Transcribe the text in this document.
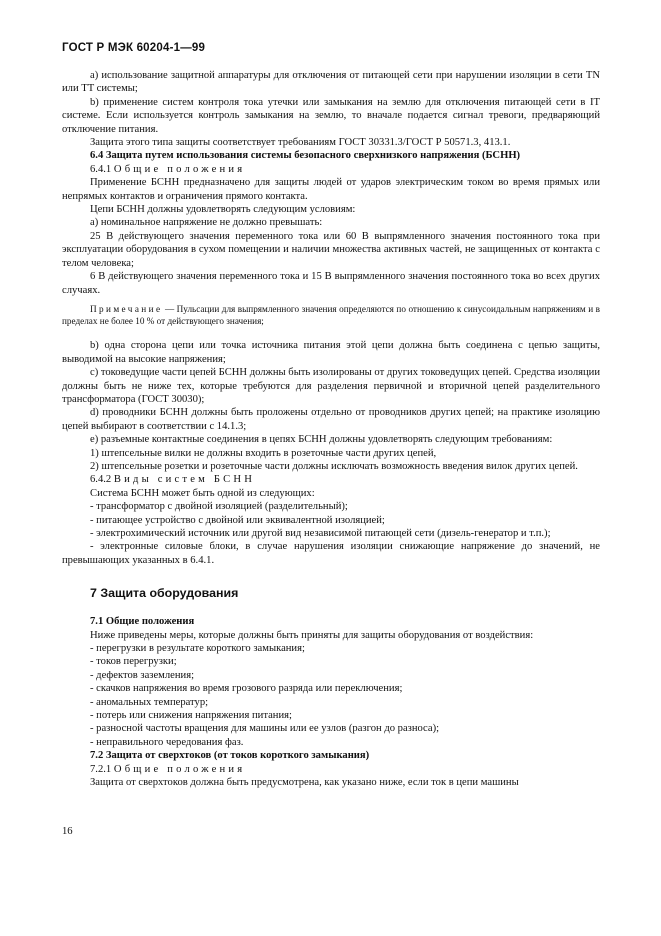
ГОСТ Р МЭК 60204-1—99

а) использование защитной аппаратуры для отключения от питающей сети при нарушении изоляции в сети TN или TT системы;

b) применение систем контроля тока утечки или замыкания на землю для отключения питающей сети в IT системе. Если используется контроль замыкания на землю, то вначале подается сигнал тревоги, предваряющий отключение питания.

Защита этого типа защиты соответствует требованиям ГОСТ 30331.3/ГОСТ Р 50571.3, 413.1.

6.4 Защита путем использования системы безопасного сверхнизкого напряжения (БСНН)

6.4.1 Общие положения

Применение БСНН предназначено для защиты людей от ударов электрическим током во время прямых или непрямых контактов и ограничения прямого контакта.

Цепи БСНН должны удовлетворять следующим условиям:

а) номинальное напряжение не должно превышать:

25 В действующего значения переменного тока или 60 В выпрямленного значения постоянного тока при эксплуатации оборудования в сухом помещении и наличии множества активных частей, не защищенных от контакта с телом человека;

6 В действующего значения переменного тока и 15 В выпрямленного значения постоянного тока во всех других случаях.

Примечание — Пульсации для выпрямленного значения определяются по отношению к синусоидальным напряжениям и в пределах не более 10 % от действующего значения;

b) одна сторона цепи или точка источника питания этой цепи должна быть соединена с цепью защиты, выводимой на высокие напряжения;

с) токоведущие части цепей БСНН должны быть изолированы от других токоведущих цепей. Средства изоляции должны быть не ниже тех, которые требуются для разделения первичной и вторичной цепей разделительного трансформатора (ГОСТ 30030);

d) проводники БСНН должны быть проложены отдельно от проводников других цепей; на практике изоляцию цепей выбирают в соответствии с 14.1.3;

е) разъемные контактные соединения в цепях БСНН должны удовлетворять следующим требованиям:

1) штепсельные вилки не должны входить в розеточные части других цепей,

2) штепсельные розетки и розеточные части должны исключать возможность введения вилок других цепей.

6.4.2 Виды систем БСНН

Система БСНН может быть одной из следующих:

- трансформатор с двойной изоляцией (разделительный);

- питающее устройство с двойной или эквивалентной изоляцией;

- электрохимический источник или другой вид независимой питающей сети (дизель-генератор и т.п.);

- электронные силовые блоки, в случае нарушения изоляции снижающие напряжение до значений, не превышающих указанных в 6.4.1.

7 Защита оборудования

7.1 Общие положения

Ниже приведены меры, которые должны быть приняты для защиты оборудования от воздействия:

- перегрузки в результате короткого замыкания;

- токов перегрузки;

- дефектов заземления;

- скачков напряжения во время грозового разряда или переключения;

- аномальных температур;

- потерь или снижения напряжения питания;

- разносной частоты вращения для машины или ее узлов (разгон до разноса);

- неправильного чередования фаз.

7.2 Защита от сверхтоков (от токов короткого замыкания)

7.2.1 Общие положения

Защита от сверхтоков должна быть предусмотрена, как указано ниже, если ток в цепи машины

16
